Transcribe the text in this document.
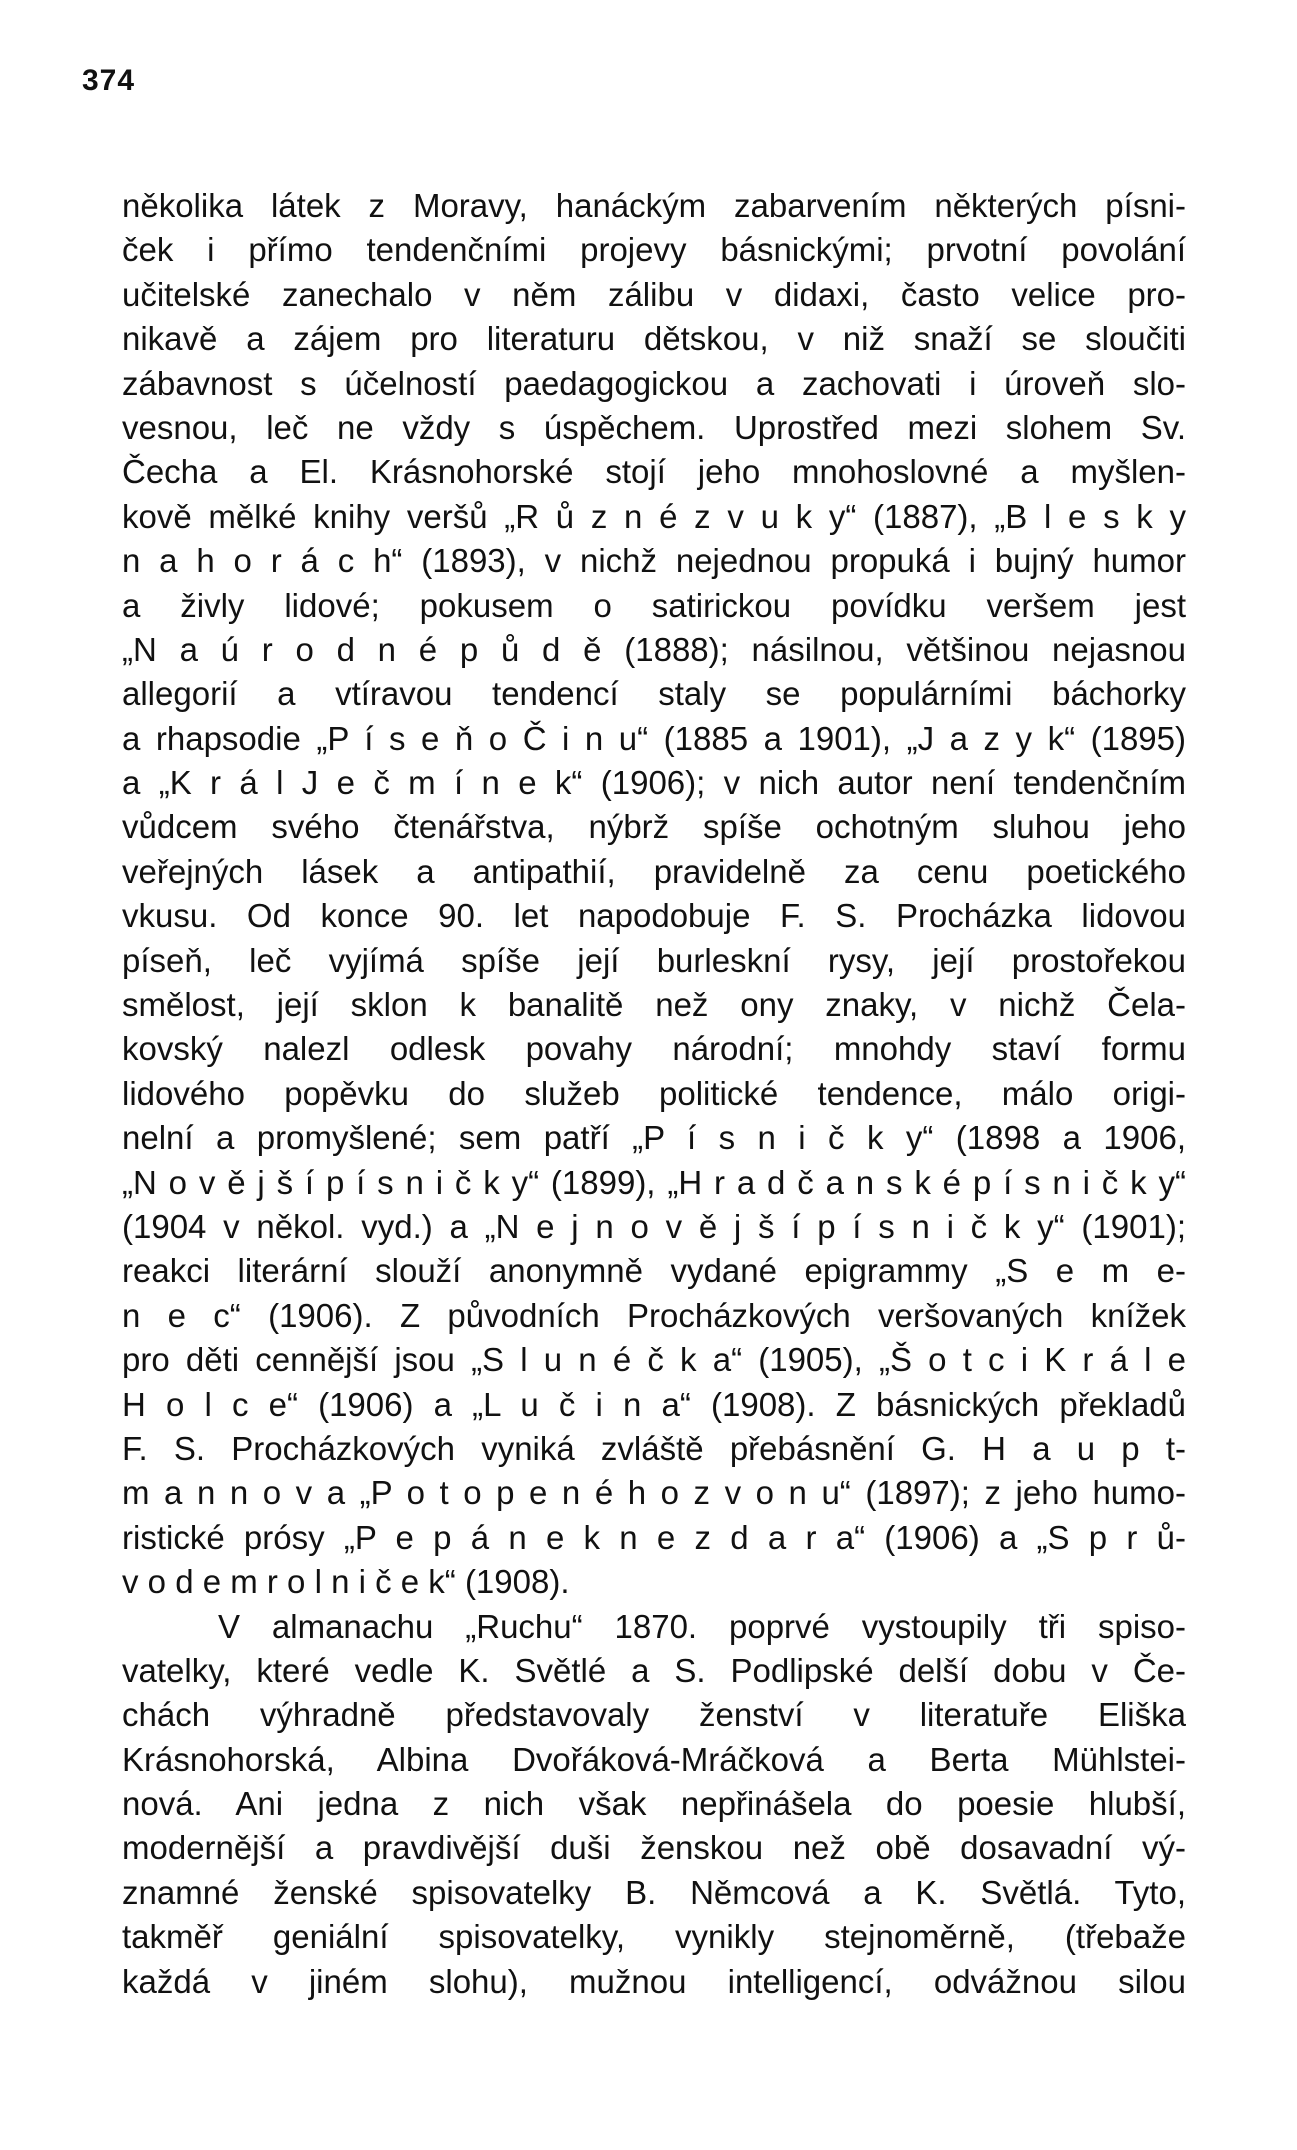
374
několika látek z Moravy, hanáckým zabarvením některých písni-
ček i přímo tendenčními projevy básnickými; prvotní povolání
učitelské zanechalo v něm zálibu v didaxi, často velice pro-
nikavě a zájem pro literaturu dětskou, v niž snaží se sloučiti
zábavnost s účelností paedagogickou a zachovati i úroveň slo-
vesnou, leč ne vždy s úspěchem. Uprostřed mezi slohem Sv.
Čecha a El. Krásnohorské stojí jeho mnohoslovné a myšlen-
kově mělké knihy veršů „R ů z n é z v u k y“ (1887), „B l e s k y
n a h o r á c h“ (1893), v nichž nejednou propuká i bujný humor
a živly lidové; pokusem o satirickou povídku veršem jest
„N a ú r o d n é p ů d ě (1888); násilnou, většinou nejasnou
allegorií a vtíravou tendencí staly se populárními báchorky
a rhapsodie „P í s e ň o Č i n u“ (1885 a 1901), „J a z y k“ (1895)
a „K r á l J e č m í n e k“ (1906); v nich autor není tendenčním
vůdcem svého čtenářstva, nýbrž spíše ochotným sluhou jeho
veřejných lásek a antipathií, pravidelně za cenu poetického
vkusu. Od konce 90. let napodobuje F. S. Procházka lidovou
píseň, leč vyjímá spíše její burleskní rysy, její prostořekou
smělost, její sklon k banalitě než ony znaky, v nichž Čela-
kovský nalezl odlesk povahy národní; mnohdy staví formu
lidového popěvku do služeb politické tendence, málo origi-
nelní a promyšlené; sem patří „P í s n i č k y“ (1898 a 1906,
„N o v ě j š í p í s n i č k y“ (1899), „H r a d č a n s k é p í s n i č k y“
(1904 v někol. vyd.) a „N e j n o v ě j š í p í s n i č k y“ (1901);
reakci literární slouží anonymně vydané epigrammy „S e m e-
n e c“ (1906). Z původních Procházkových veršovaných knížek
pro děti cennější jsou „S l u n é č k a“ (1905), „Š o t c i K r á l e
H o l c e“ (1906) a „L u č i n a“ (1908). Z básnických překladů
F. S. Procházkových vyniká zvláště přebásnění G. H a u p t-
m a n n o v a „P o t o p e n é h o z v o n u“ (1897); z jeho humo-
ristické prósy „P e p á n e k n e z d a r a“ (1906) a „S p r ů-
v o d e m r o l n i č e k“ (1908).
V almanachu „Ruchu“ 1870. poprvé vystoupily tři spiso-
vatelky, které vedle K. Světlé a S. Podlipské delší dobu v Če-
chách výhradně představovaly ženství v literatuře Eliška
Krásnohorská, Albina Dvořáková-Mráčková a Berta Mühlstei-
nová. Ani jedna z nich však nepřinášela do poesie hlubší,
modernější a pravdivější duši ženskou než obě dosavadní vý-
znamné ženské spisovatelky B. Němcová a K. Světlá. Tyto,
takměř geniální spisovatelky, vynikly stejnoměrně, (třebaže
každá v jiném slohu), mužnou intelligencí, odvážnou silou
